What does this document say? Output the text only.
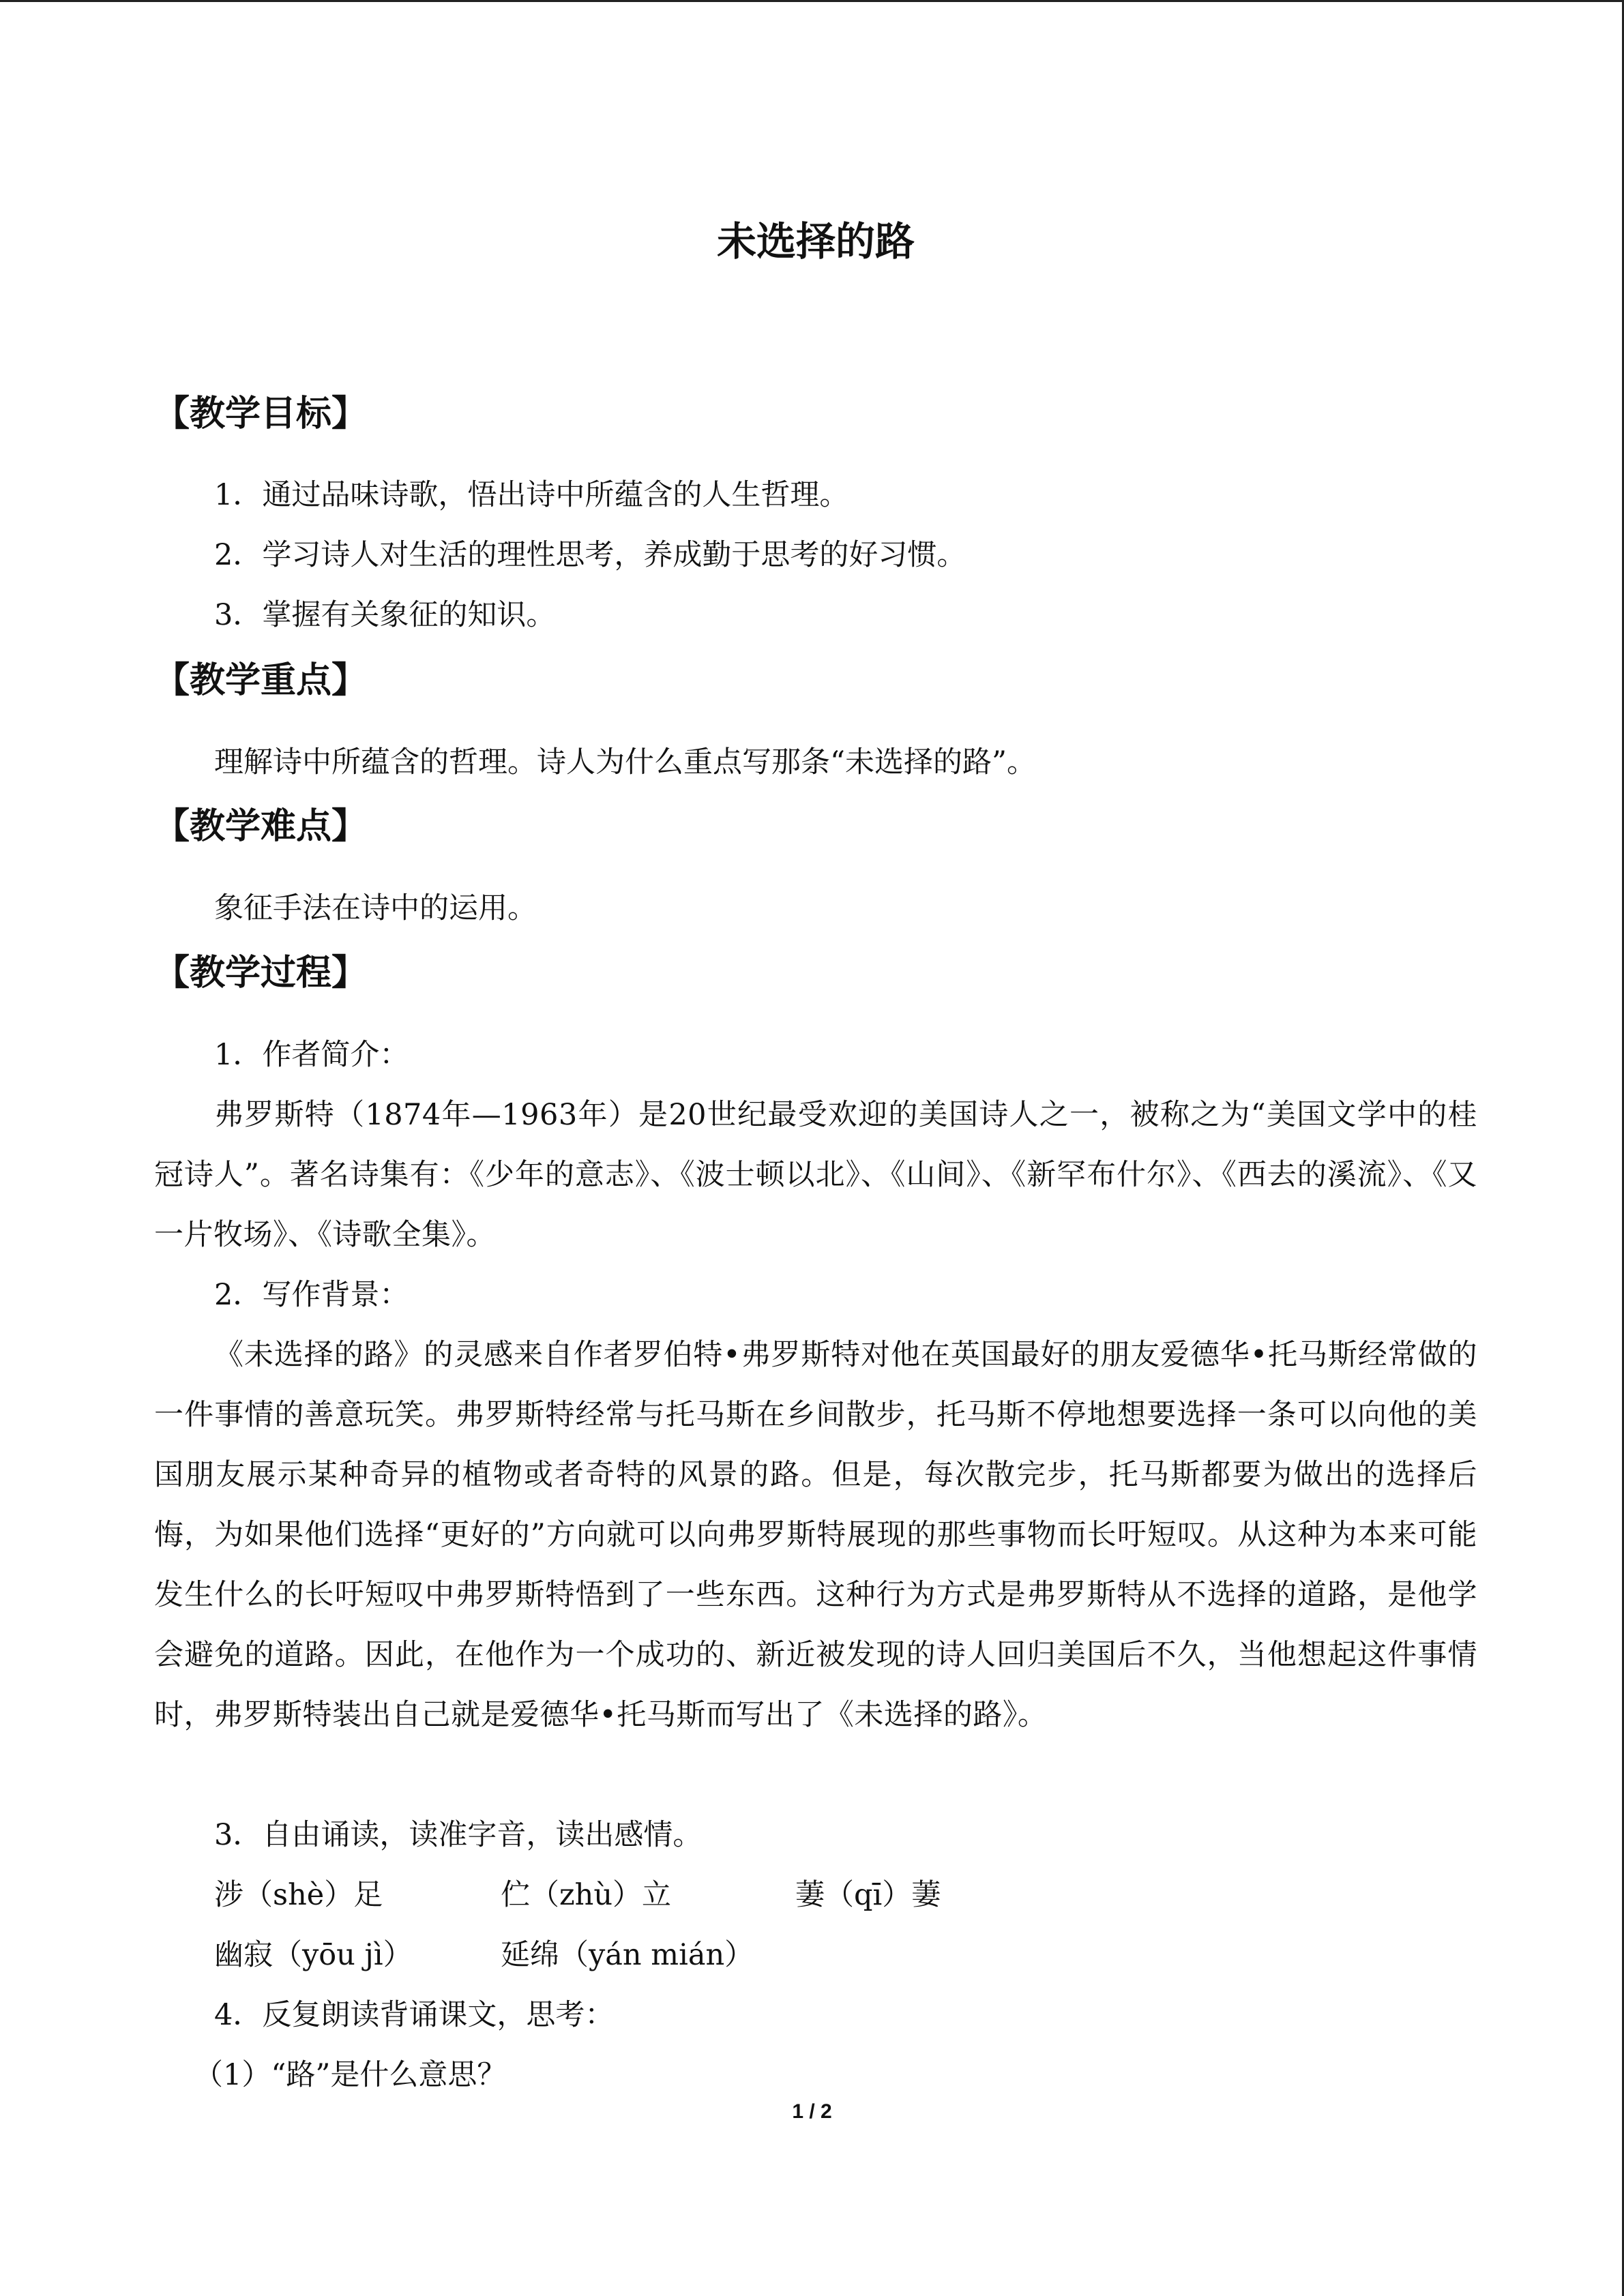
未选择的路
【教学目标】
1．通过品味诗歌，悟出诗中所蕴含的人生哲理。
2．学习诗人对生活的理性思考，养成勤于思考的好习惯。
3．掌握有关象征的知识。
【教学重点】
理解诗中所蕴含的哲理。诗人为什么重点写那条“未选择的路”。
【教学难点】
象征手法在诗中的运用。
【教学过程】
1．作者简介：
弗罗斯特（1874年—1963年）是20世纪最受欢迎的美国诗人之一，被称之为“美国文学中的桂冠诗人”。著名诗集有：《少年的意志》、《波士顿以北》、《山间》、《新罕布什尔》、《西去的溪流》、《又一片牧场》、《诗歌全集》。
2．写作背景：
《未选择的路》的灵感来自作者罗伯特•弗罗斯特对他在英国最好的朋友爱德华•托马斯经常做的一件事情的善意玩笑。弗罗斯特经常与托马斯在乡间散步，托马斯不停地想要选择一条可以向他的美国朋友展示某种奇异的植物或者奇特的风景的路。但是，每次散完步，托马斯都要为做出的选择后悔，为如果他们选择“更好的”方向就可以向弗罗斯特展现的那些事物而长吁短叹。从这种为本来可能发生什么的长吁短叹中弗罗斯特悟到了一些东西。这种行为方式是弗罗斯特从不选择的道路，是他学会避免的道路。因此，在他作为一个成功的、新近被发现的诗人回归美国后不久，当他想起这件事情时，弗罗斯特装出自己就是爱德华•托马斯而写出了《未选择的路》。
3．自由诵读，读准字音，读出感情。
涉（shè）足	伫（zhù）立	萋（qī）萋
幽寂（yōu jì）	延绵（yán mián）
4．反复朗读背诵课文，思考：
（1）“路”是什么意思？
1 / 2
